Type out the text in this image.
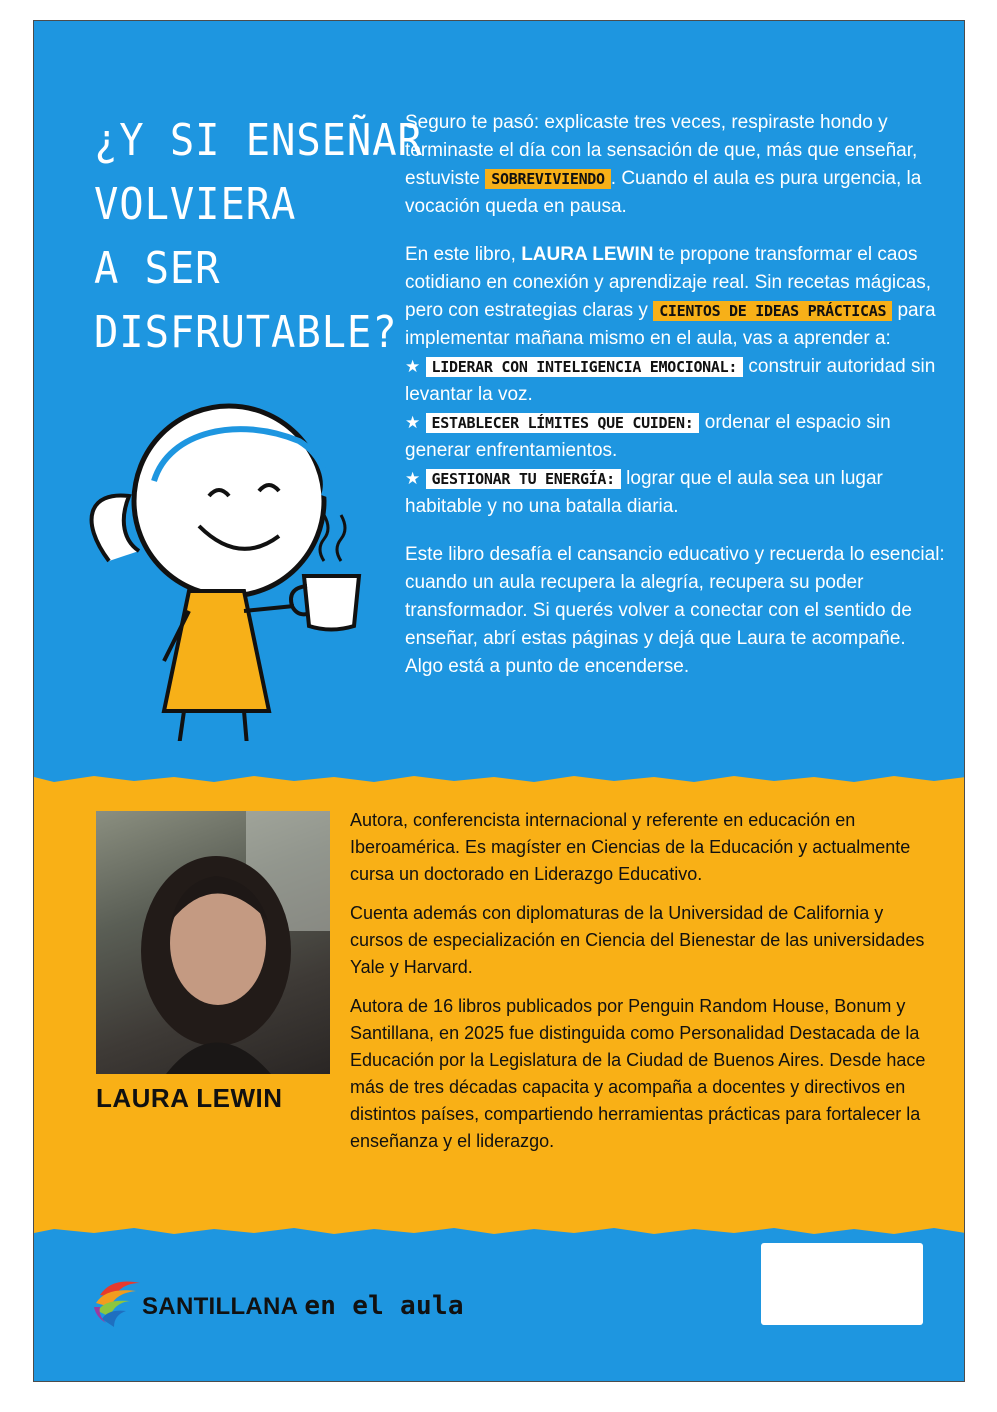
¿Y SI ENSEÑAR
VOLVIERA
A SER
DISFRUTABLE?

Seguro te pasó: explicaste tres veces, respiraste hondo y terminaste el día con la sensación de que, más que enseñar, estuviste SOBREVIVIENDO . Cuando el aula es pura urgencia, la vocación queda en pausa.

En este libro, LAURA LEWIN te propone transformar el caos cotidiano en conexión y aprendizaje real. Sin recetas mágicas, pero con estrategias claras y CIENTOS DE IDEAS PRÁCTICAS para implementar mañana mismo en el aula, vas a aprender a:
★ LIDERAR CON INTELIGENCIA EMOCIONAL: construir autoridad sin levantar la voz.
★ ESTABLECER LÍMITES QUE CUIDEN: ordenar el espacio sin generar enfrentamientos.
★ GESTIONAR TU ENERGÍA: lograr que el aula sea un lugar habitable y no una batalla diaria.

Este libro desafía el cansancio educativo y recuerda lo esencial: cuando un aula recupera la alegría, recupera su poder transformador. Si querés volver a conectar con el sentido de enseñar, abrí estas páginas y dejá que Laura te acompañe. Algo está a punto de encenderse.

LAURA LEWIN

Autora, conferencista internacional y referente en educación en Iberoamérica. Es magíster en Ciencias de la Educación y actualmente cursa un doctorado en Liderazgo Educativo.

Cuenta además con diplomaturas de la Universidad de California y cursos de especialización en Ciencia del Bienestar de las universidades Yale y Harvard.

Autora de 16 libros publicados por Penguin Random House, Bonum y Santillana, en 2025 fue distinguida como Personalidad Destacada de la Educación por la Legislatura de la Ciudad de Buenos Aires. Desde hace más de tres décadas capacita y acompaña a docentes y directivos en distintos países, compartiendo herramientas prácticas para fortalecer la enseñanza y el liderazgo.

SANTILLANA en el aula
